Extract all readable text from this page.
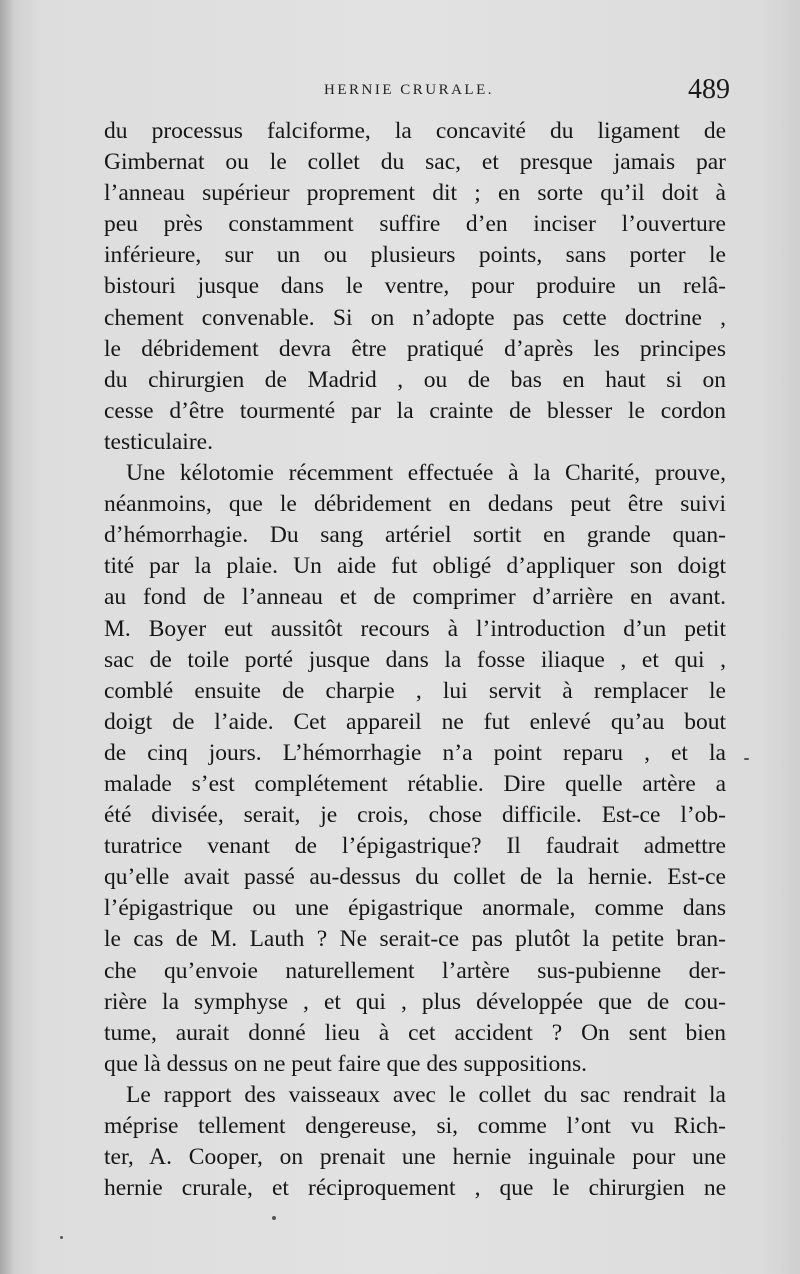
HERNIE CRURALE.	489
du processus falciforme, la concavité du ligament de
Gimbernat ou le collet du sac, et presque jamais par
l’anneau supérieur proprement dit ; en sorte qu’il doit à
peu près constamment suffire d’en inciser l’ouverture
inférieure, sur un ou plusieurs points, sans porter le
bistouri jusque dans le ventre, pour produire un relâ-
chement convenable. Si on n’adopte pas cette doctrine ,
le débridement devra être pratiqué d’après les principes
du chirurgien de Madrid , ou de bas en haut si on
cesse d’être tourmenté par la crainte de blesser le cordon
testiculaire.
Une kélotomie récemment effectuée à la Charité, prouve,
néanmoins, que le débridement en dedans peut être suivi
d’hémorrhagie. Du sang artériel sortit en grande quan-
tité par la plaie. Un aide fut obligé d’appliquer son doigt
au fond de l’anneau et de comprimer d’arrière en avant.
M. Boyer eut aussitôt recours à l’introduction d’un petit
sac de toile porté jusque dans la fosse iliaque , et qui ,
comblé ensuite de charpie , lui servit à remplacer le
doigt de l’aide. Cet appareil ne fut enlevé qu’au bout
de cinq jours. L’hémorrhagie n’a point reparu , et la
malade s’est complétement rétablie. Dire quelle artère a
été divisée, serait, je crois, chose difficile. Est-ce l’ob-
turatrice venant de l’épigastrique? Il faudrait admettre
qu’elle avait passé au-dessus du collet de la hernie. Est-ce
l’épigastrique ou une épigastrique anormale, comme dans
le cas de M. Lauth ? Ne serait-ce pas plutôt la petite bran-
che qu’envoie naturellement l’artère sus-pubienne der-
rière la symphyse , et qui , plus développée que de cou-
tume, aurait donné lieu à cet accident ? On sent bien
que là dessus on ne peut faire que des suppositions.
Le rapport des vaisseaux avec le collet du sac rendrait la
méprise tellement dengereuse, si, comme l’ont vu Rich-
ter, A. Cooper, on prenait une hernie inguinale pour une
hernie crurale, et réciproquement , que le chirurgien ne
